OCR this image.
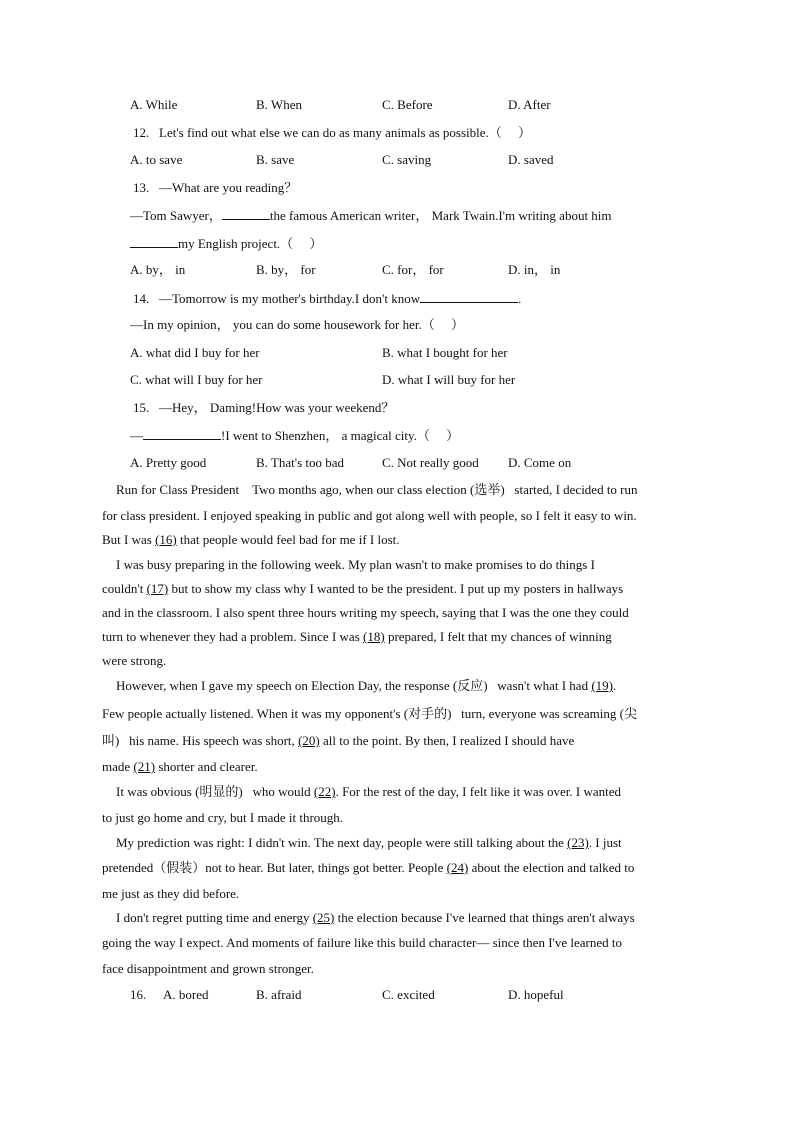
A. While	B. When	C. Before	D. After
12.   Let's find out what else we can do as many animals as possible.（     ）
A. to save	B. save	C. saving	D. saved
13.   —What are you reading？
—Tom Sawyer，	the famous American writer， Mark Twain.I'm writing about him
my English project.（     ）
A. by， in	B. by， for	C. for， for	D. in， in
14.   —Tomorrow is my mother's birthday.I don't know	.
—In my opinion， you can do some housework for her.（     ）
A. what did I buy for her	B. what I bought for her
C. what will I buy for her	D. what I will buy for her
15.   —Hey， Daming!How was your weekend？
—	!I went to Shenzhen， a magical city.（     ）
A. Pretty good	B. That's too bad	C. Not really good D. Come on
Run for Class President    Two months ago, when our class election (选举)   started, I decided to run
for class president. I enjoyed speaking in public and got along well with people, so I felt it easy to win.
But I was (16) that people would feel bad for me if I lost.
I was busy preparing in the following week. My plan wasn't to make promises to do things I
couldn't (17) but to show my class why I wanted to be the president. I put up my posters in hallways
and in the classroom. I also spent three hours writing my speech, saying that I was the one they could
turn to whenever they had a problem. Since I was (18) prepared, I felt that my chances of winning
were strong.
However, when I gave my speech on Election Day, the response (反应)   wasn't what I had (19).
Few people actually listened. When it was my opponent's (对手的)   turn, everyone was screaming (尖
叫)   his name. His speech was short, (20) all to the point. By then, I realized I should have
made (21) shorter and clearer.
It was obvious (明显的)   who would (22). For the rest of the day, I felt like it was over. I wanted
to just go home and cry, but I made it through.
My prediction was right: I didn't win. The next day, people were still talking about the (23). I just
pretended（假装）not to hear. But later, things got better. People (24) about the election and talked to
me just as they did before.
I don't regret putting time and energy (25) the election because I've learned that things aren't always
going the way I expect. And moments of failure like this build character— since then I've learned to
face disappointment and grown stronger.
16. A. bored	B. afraid	C. excited	D. hopeful
